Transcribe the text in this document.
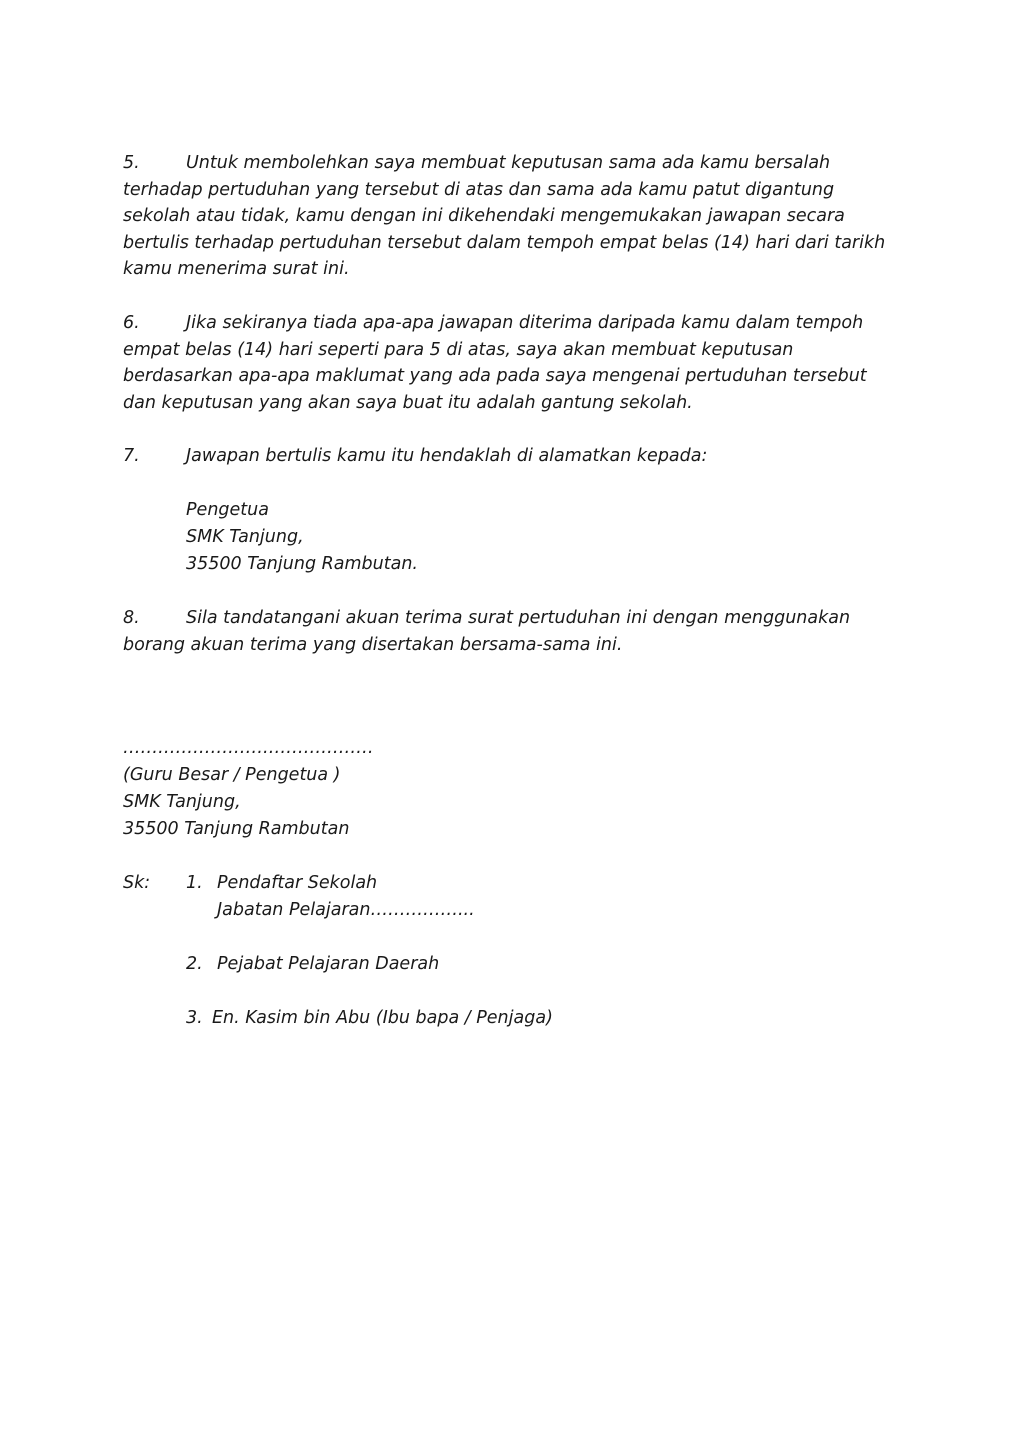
5.	Untuk membolehkan saya membuat keputusan sama ada kamu bersalah terhadap pertuduhan yang tersebut di atas dan sama ada kamu patut digantung sekolah atau tidak, kamu dengan ini dikehendaki mengemukakan jawapan secara bertulis terhadap pertuduhan tersebut dalam tempoh empat belas (14) hari dari tarikh kamu menerima surat ini.

6.	Jika sekiranya tiada apa-apa jawapan diterima daripada kamu dalam tempoh empat belas (14) hari seperti para 5 di atas, saya akan membuat keputusan berdasarkan apa-apa maklumat yang ada pada saya mengenai pertuduhan tersebut dan keputusan yang akan saya buat itu adalah gantung sekolah.

7.	Jawapan bertulis kamu itu hendaklah di alamatkan kepada:

Pengetua
SMK Tanjung,
35500 Tanjung Rambutan.

8.	Sila tandatangani akuan terima surat pertuduhan ini dengan menggunakan borang akuan terima yang disertakan bersama-sama ini.

…………………….………………
(Guru Besar / Pengetua )
SMK Tanjung,
35500 Tanjung Rambutan
Sk: 1. Pendaftar Sekolah
Jabatan Pelajaran……………...
2. Pejabat Pelajaran Daerah
3. En. Kasim bin Abu (Ibu bapa / Penjaga)
